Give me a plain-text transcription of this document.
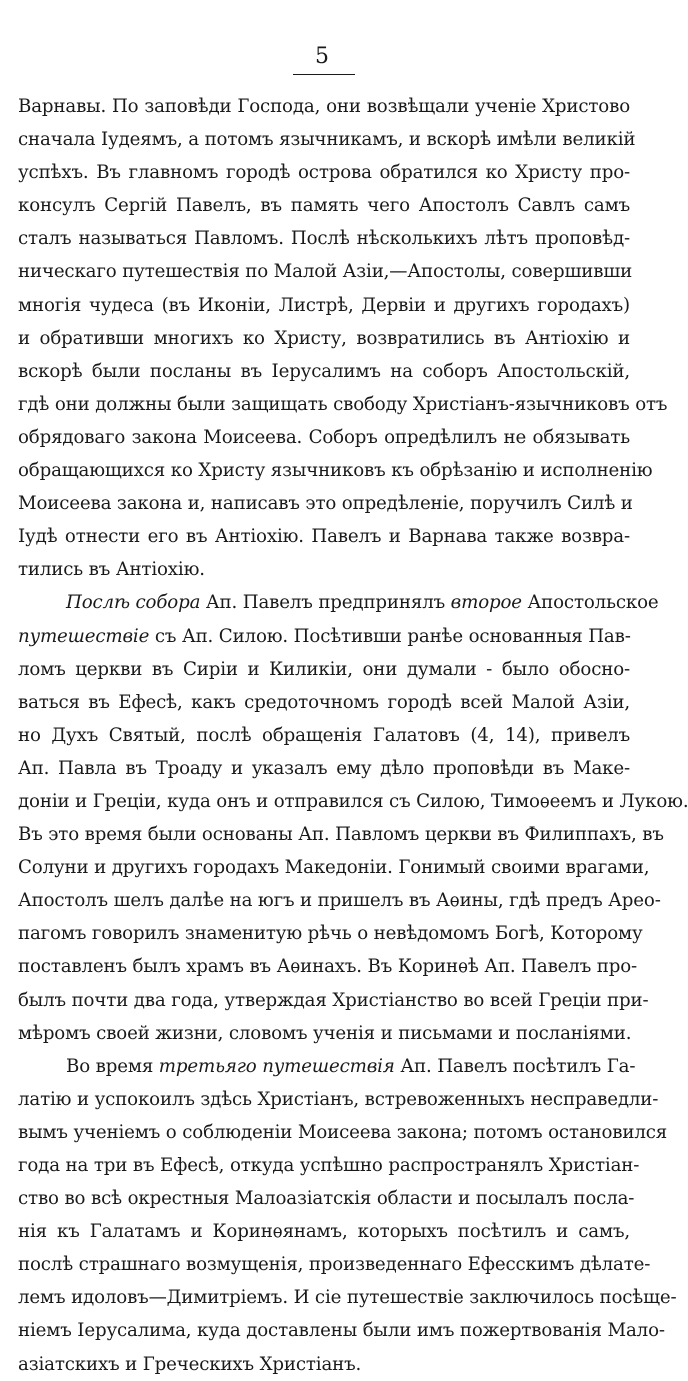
5
Варнавы. По заповѣди Господа, они возвѣщали ученіе Христово
сначала Іудеямъ, а потомъ язычникамъ, и вскорѣ имѣли великій
успѣхъ. Въ главномъ городѣ острова обратился ко Христу про-
консулъ Сергій Павелъ, въ память чего Апостолъ Савлъ самъ
сталъ называться Павломъ. Послѣ нѣсколькихъ лѣтъ проповѣд-
ническаго путешествія по Малой Азіи,—Апостолы, совершивши
многія чудеса (въ Иконіи, Листрѣ, Дервіи и другихъ городахъ)
и обративши многихъ ко Христу, возвратились въ Антіохію и
вскорѣ были посланы въ Іерусалимъ на соборъ Апостольскій,
гдѣ они должны были защищать свободу Христіанъ-язычниковъ отъ
обрядоваго закона Моисеева. Соборъ опредѣлилъ не обязывать
обращающихся ко Христу язычниковъ къ обрѣзанію и исполненію
Моисеева закона и, написавъ это опредѣленіе, поручилъ Силѣ и
Іудѣ отнести его въ Антіохію. Павелъ и Варнава также возвра-
тились въ Антіохію.
Послѣ собора Ап. Павелъ предпринялъ второе Апостольское
путешествіе съ Ап. Силою. Посѣтивши ранѣе основанныя Пав-
ломъ церкви въ Сиріи и Киликіи, они думали - было обосно-
ваться въ Ефесѣ, какъ средоточномъ городѣ всей Малой Азіи,
но Духъ Святый, послѣ обращенія Галатовъ (4, 14), привелъ
Ап. Павла въ Троаду и указалъ ему дѣло проповѣди въ Маке-
доніи и Греціи, куда онъ и отправился съ Силою, Тимоѳеемъ и Лукою.
Въ это время были основаны Ап. Павломъ церкви въ Филиппахъ, въ
Солуни и другихъ городахъ Македоніи. Гонимый своими врагами,
Апостолъ шелъ далѣе на югъ и пришелъ въ Аѳины, гдѣ предъ Арео-
пагомъ говорилъ знаменитую рѣчь о невѣдомомъ Богѣ, Которому
поставленъ былъ храмъ въ Аѳинахъ. Въ Коринѳѣ Ап. Павелъ про-
былъ почти два года, утверждая Христіанство во всей Греціи при-
мѣромъ своей жизни, словомъ ученія и письмами и посланіями.
Во время третьяго путешествія Ап. Павелъ посѣтилъ Га-
латію и успокоилъ здѣсь Христіанъ, встревоженныхъ несправедли-
вымъ ученіемъ о соблюденіи Моисеева закона; потомъ остановился
года на три въ Ефесѣ, откуда успѣшно распространялъ Христіан-
ство во всѣ окрестныя Малоазіатскія области и посылалъ посла-
нія къ Галатамъ и Коринѳянамъ, которыхъ посѣтилъ и самъ,
послѣ страшнаго возмущенія, произведеннаго Ефесскимъ дѣлате-
лемъ идоловъ—Димитріемъ. И сіе путешествіе заключилось посѣще-
ніемъ Іерусалима, куда доставлены были имъ пожертвованія Мало-
азіатскихъ и Греческихъ Христіанъ.
